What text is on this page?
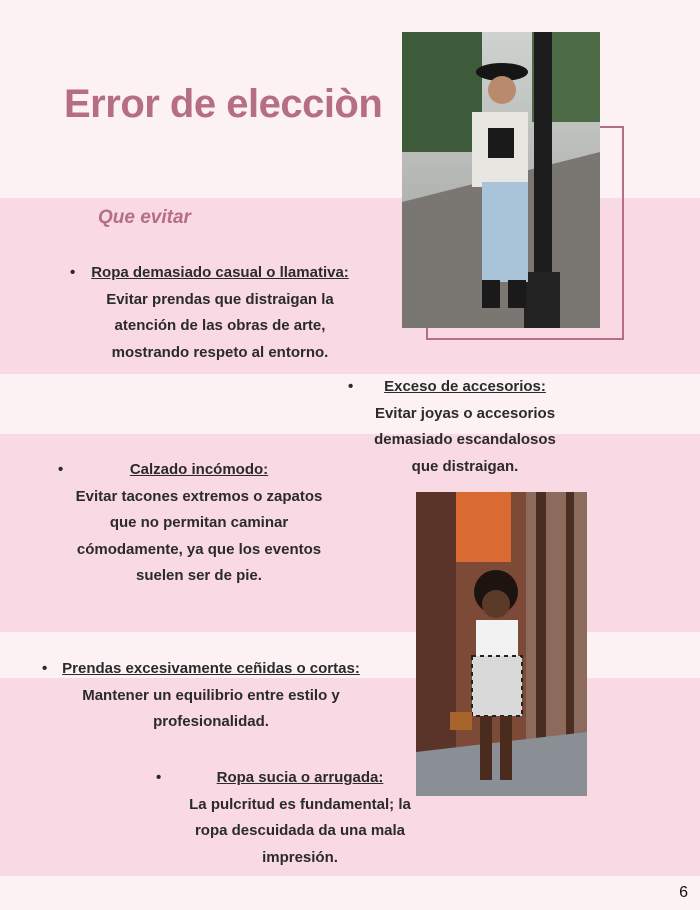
Error de elecciòn
Que evitar
•	Ropa demasiado casual o llamativa:
Evitar prendas que distraigan la atención de las obras de arte, mostrando respeto al entorno.
•	Exceso de accesorios:
Evitar joyas o accesorios demasiado escandalosos que distraigan.
•	Calzado incómodo:
Evitar tacones extremos o zapatos que no permitan caminar cómodamente, ya que los eventos suelen ser de pie.
• Prendas excesivamente ceñidas o cortas:
Mantener un equilibrio entre estilo y profesionalidad.
•	Ropa sucia o arrugada:
La pulcritud es fundamental; la ropa descuidada da una mala impresión.
6
